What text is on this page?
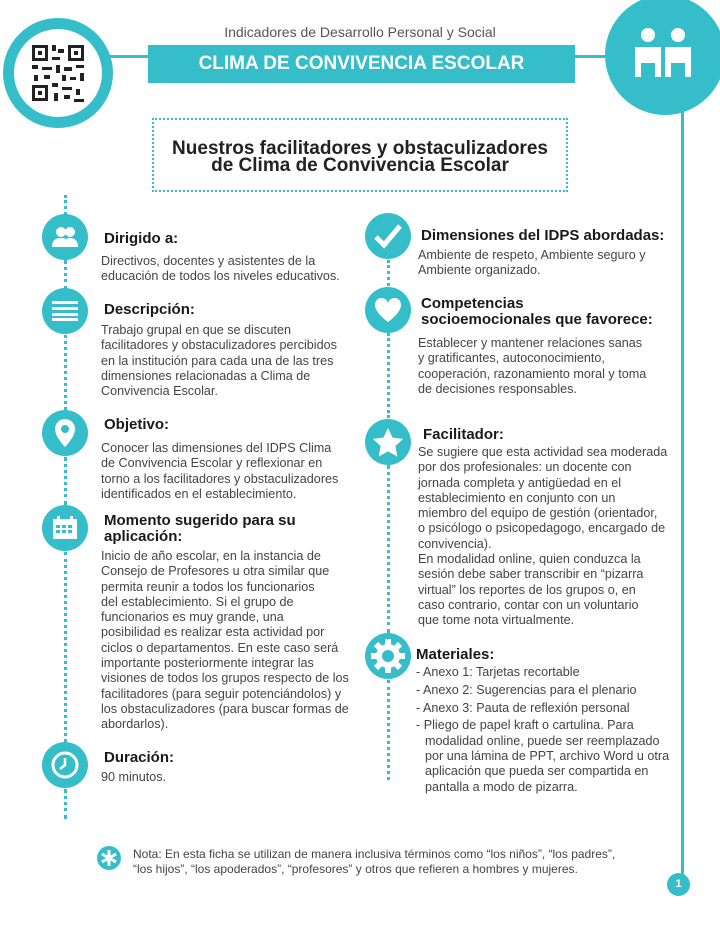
Indicadores de Desarrollo Personal y Social
CLIMA DE CONVIVENCIA ESCOLAR
1
Nuestros facilitadores y obstaculizadores
de Clima de Convivencia Escolar
Dirigido a:

Directivos, docentes y asistentes de la
educación de todos los niveles educativos.

Descripción:

Trabajo grupal en que se discuten
facilitadores y obstaculizadores percibidos
en la institución para cada una de las tres
dimensiones relacionadas a Clima de
Convivencia Escolar.

Objetivo:

Conocer las dimensiones del IDPS Clima
de Convivencia Escolar y reflexionar en
torno a los facilitadores y obstaculizadores
identificados en el establecimiento.

Momento sugerido para su
aplicación:

Inicio de año escolar, en la instancia de
Consejo de Profesores u otra similar que
permita reunir a todos los funcionarios
del establecimiento. Si el grupo de
funcionarios es muy grande, una
posibilidad es realizar esta actividad por
ciclos o departamentos. En este caso será
importante posteriormente integrar las
visiones de todos los grupos respecto de los
facilitadores (para seguir potenciándolos) y
los obstaculizadores (para buscar formas de
abordarlos).

Duración:

90 minutos.

Dimensiones del IDPS abordadas:

Ambiente de respeto, Ambiente seguro y
Ambiente organizado.

Competencias
socioemocionales que favorece:

Establecer y mantener relaciones sanas
y gratificantes, autoconocimiento,
cooperación, razonamiento moral y toma
de decisiones responsables.

Facilitador:

Se sugiere que esta actividad sea moderada
por dos profesionales: un docente con
jornada completa y antigüedad en el
establecimiento en conjunto con un
miembro del equipo de gestión (orientador,
o psicólogo o psicopedagogo, encargado de
convivencia).
En modalidad online, quien conduzca la
sesión debe saber transcribir en “pizarra
virtual” los reportes de los grupos o, en
caso contrario, contar con un voluntario
que tome nota virtualmente.

Materiales:
- Anexo 1: Tarjetas recortable
- Anexo 2: Sugerencias para el plenario
- Anexo 3: Pauta de reflexión personal
- Pliego de papel kraft o cartulina. Para
modalidad online, puede ser reemplazado
por una lámina de PPT, archivo Word u otra
aplicación que pueda ser compartida en
pantalla a modo de pizarra.
Nota: En esta ficha se utilizan de manera inclusiva términos como “los niños”, “los padres”,
“los hijos”, “los apoderados”, “profesores” y otros que refieren a hombres y mujeres.
